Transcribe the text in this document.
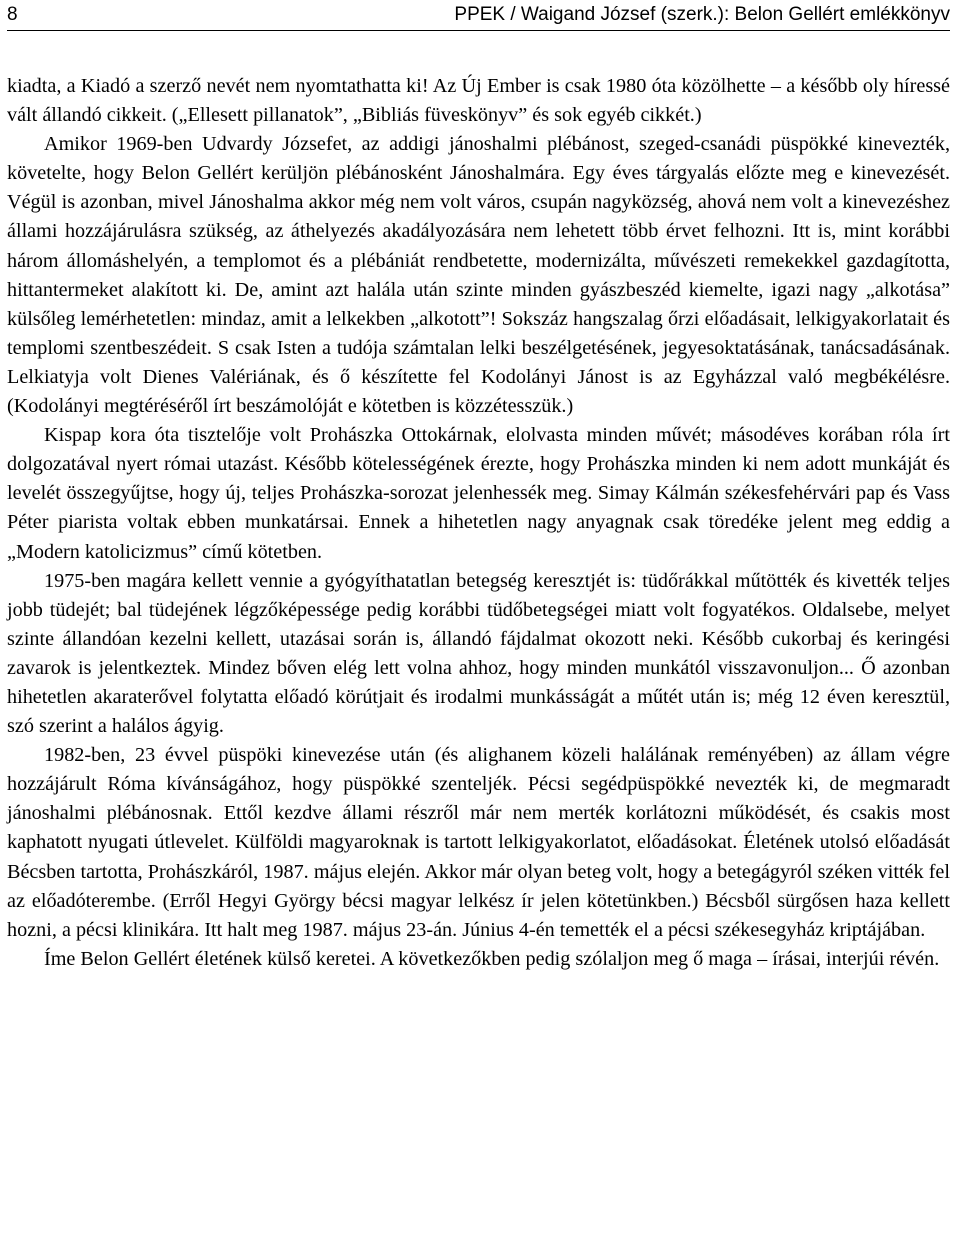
8	PPEK / Waigand József (szerk.): Belon Gellért emlékkönyv

kiadta, a Kiadó a szerző nevét nem nyomtathatta ki! Az Új Ember is csak 1980 óta közölhette – a később oly híressé vált állandó cikkeit. („Ellesett pillanatok”, „Bibliás füveskönyv” és sok egyéb cikkét.)

Amikor 1969-ben Udvardy Józsefet, az addigi jánoshalmi plébánost, szeged-csanádi püspökké kinevezték, követelte, hogy Belon Gellért kerüljön plébánosként Jánoshalmára. Egy éves tárgyalás előzte meg e kinevezését. Végül is azonban, mivel Jánoshalma akkor még nem volt város, csupán nagyközség, ahová nem volt a kinevezéshez állami hozzájárulásra szükség, az áthelyezés akadályozására nem lehetett több érvet felhozni. Itt is, mint korábbi három állomáshelyén, a templomot és a plébániát rendbetette, modernizálta, művészeti remekekkel gazdagította, hittantermeket alakított ki. De, amint azt halála után szinte minden gyászbeszéd kiemelte, igazi nagy „alkotása” külsőleg lemérhetetlen: mindaz, amit a lelkekben „alkotott”! Sokszáz hangszalag őrzi előadásait, lelkigyakorlatait és templomi szentbeszédeit. S csak Isten a tudója számtalan lelki beszélgetésének, jegyesoktatásának, tanácsadásának. Lelkiatyja volt Dienes Valériának, és ő készítette fel Kodolányi Jánost is az Egyházzal való megbékélésre. (Kodolányi megtéréséről írt beszámolóját e kötetben is közzétesszük.)

Kispap kora óta tisztelője volt Prohászka Ottokárnak, elolvasta minden művét; másodéves korában róla írt dolgozatával nyert római utazást. Később kötelességének érezte, hogy Prohászka minden ki nem adott munkáját és levelét összegyűjtse, hogy új, teljes Prohászka-sorozat jelenhessék meg. Simay Kálmán székesfehérvári pap és Vass Péter piarista voltak ebben munkatársai. Ennek a hihetetlen nagy anyagnak csak töredéke jelent meg eddig a „Modern katolicizmus” című kötetben.

1975-ben magára kellett vennie a gyógyíthatatlan betegség keresztjét is: tüdőrákkal műtötték és kivették teljes jobb tüdejét; bal tüdejének légzőképessége pedig korábbi tüdőbetegségei miatt volt fogyatékos. Oldalsebe, melyet szinte állandóan kezelni kellett, utazásai során is, állandó fájdalmat okozott neki. Később cukorbaj és keringési zavarok is jelentkeztek. Mindez bőven elég lett volna ahhoz, hogy minden munkától visszavonuljon... Ő azonban hihetetlen akaraterővel folytatta előadó körútjait és irodalmi munkásságát a műtét után is; még 12 éven keresztül, szó szerint a halálos ágyig.

1982-ben, 23 évvel püspöki kinevezése után (és alighanem közeli halálának reményében) az állam végre hozzájárult Róma kívánságához, hogy püspökké szenteljék. Pécsi segédpüspökké nevezték ki, de megmaradt jánoshalmi plébánosnak. Ettől kezdve állami részről már nem merték korlátozni működését, és csakis most kaphatott nyugati útlevelet. Külföldi magyaroknak is tartott lelkigyakorlatot, előadásokat. Életének utolsó előadását Bécsben tartotta, Prohászkáról, 1987. május elején. Akkor már olyan beteg volt, hogy a betegágyról széken vitték fel az előadóterembe. (Erről Hegyi György bécsi magyar lelkész ír jelen kötetünkben.) Bécsből sürgősen haza kellett hozni, a pécsi klinikára. Itt halt meg 1987. május 23-án. Június 4-én temették el a pécsi székesegyház kriptájában.

Íme Belon Gellért életének külső keretei. A következőkben pedig szólaljon meg ő maga – írásai, interjúi révén.
